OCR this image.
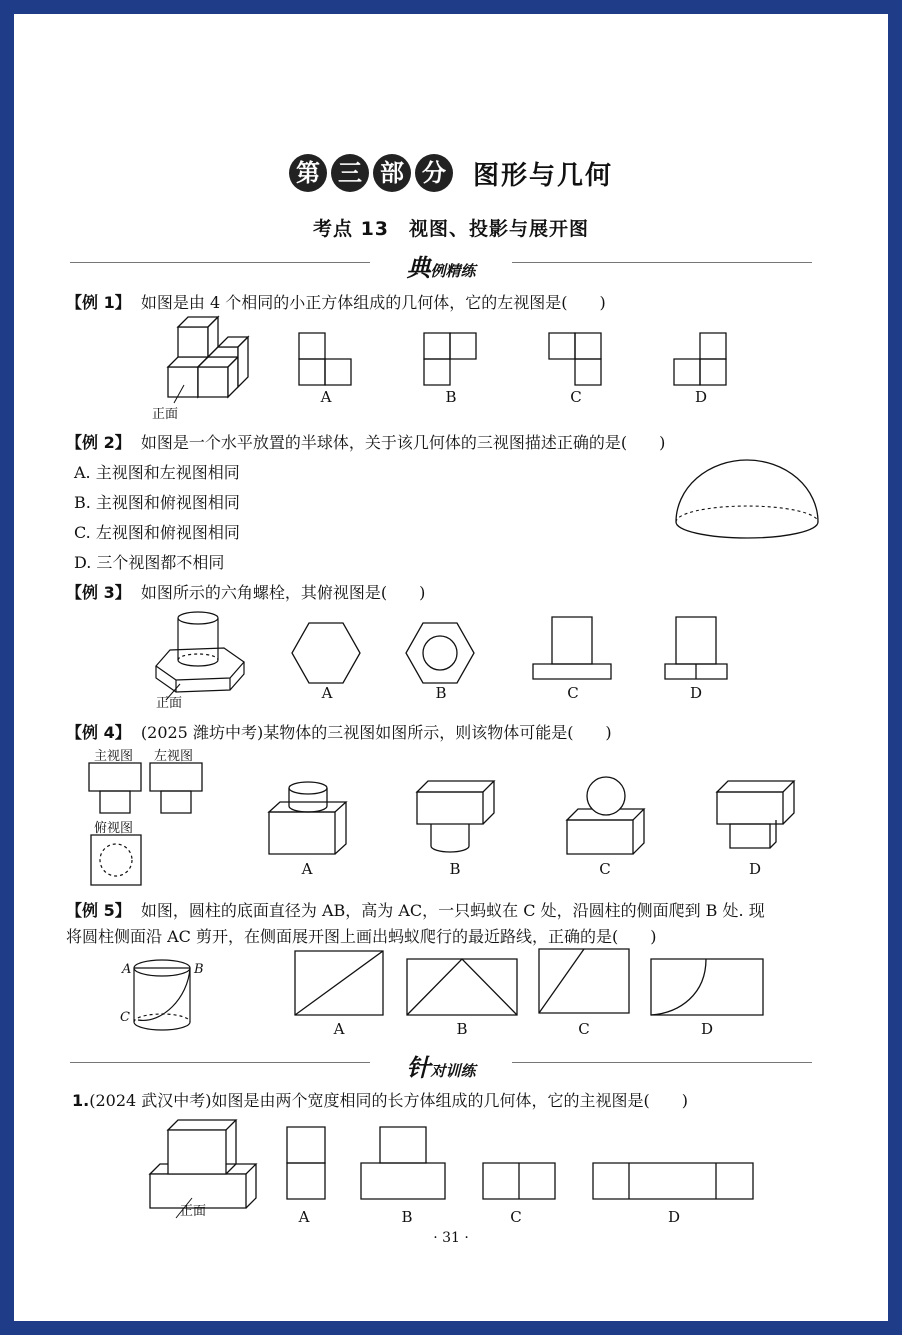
第 三 部 分 图形与几何
考点 13　视图、投影与展开图
典例精练
【例 1】 如图是由 4 个相同的小正方体组成的几何体，它的左视图是(　　)
正面
A	B	C	D
【例 2】 如图是一个水平放置的半球体，关于该几何体的三视图描述正确的是(　　)
A. 主视图和左视图相同
B. 主视图和俯视图相同
C. 左视图和俯视图相同
D. 三个视图都不相同
【例 3】 如图所示的六角螺栓，其俯视图是(　　)
正面
A	B	C	D
【例 4】 (2025 潍坊中考)某物体的三视图如图所示，则该物体可能是(　　)
主视图 左视图
俯视图
A	B	C	D
【例 5】 如图，圆柱的底面直径为 AB，高为 AC，一只蚂蚁在 C 处，沿圆柱的侧面爬到 B 处. 现
将圆柱侧面沿 AC 剪开，在侧面展开图上画出蚂蚁爬行的最近路线，正确的是(　　)
A	B
C
A	B	C	D
针对训练
1.(2024 武汉中考)如图是由两个宽度相同的长方体组成的几何体，它的主视图是(　　)
正面	A	B	C	D
· 31 ·
